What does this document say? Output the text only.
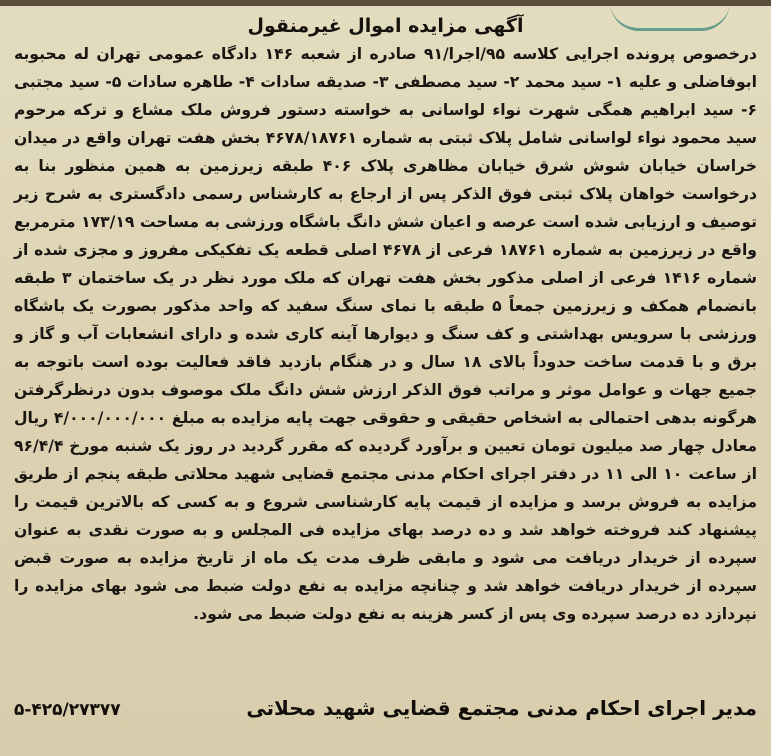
آگهی مزایده اموال غیرمنقول
درخصوص پرونده اجرایی کلاسه ۹۵/اجرا/۹۱ صادره از شعبه ۱۴۶ دادگاه عمومی تهران له محبوبه ابوفاضلی و علیه ۱- سید محمد ۲- سید مصطفی ۳- صدیقه سادات ۴- طاهره سادات ۵- سید مجتبی ۶- سید ابراهیم همگی شهرت نواء لواسانی به خواسته دستور فروش ملک مشاع و ترکه مرحوم سید محمود نواء لواسانی شامل پلاک ثبتی به شماره ۴۶۷۸/۱۸۷۶۱ بخش هفت تهران واقع در میدان خراسان خیابان شوش شرق خیابان مظاهری پلاک ۴۰۶ طبقه زیرزمین به همین منظور بنا به درخواست خواهان پلاک ثبتی فوق الذکر پس از ارجاع به کارشناس رسمی دادگستری به شرح زیر توصیف و ارزیابی شده است عرصه و اعیان شش دانگ باشگاه ورزشی به مساحت ۱۷۳/۱۹ مترمربع واقع در زیرزمین به شماره ۱۸۷۶۱ فرعی از ۴۶۷۸ اصلی قطعه یک تفکیکی مفروز و مجزی شده از شماره ۱۴۱۶ فرعی از اصلی مذکور بخش هفت تهران که ملک مورد نظر در یک ساختمان ۳ طبقه بانضمام همکف و زیرزمین جمعاً ۵ طبقه با نمای سنگ سفید که واحد مذکور بصورت یک باشگاه ورزشی با سرویس بهداشتی و کف سنگ و دیوارها آینه کاری شده و دارای انشعابات آب و گاز و برق و با قدمت ساخت حدوداً بالای ۱۸ سال و در هنگام بازدید فاقد فعالیت بوده است باتوجه به جمیع جهات و عوامل موثر و مراتب فوق الذکر ارزش شش دانگ ملک موصوف بدون درنظرگرفتن هرگونه بدهی احتمالی به اشخاص حقیقی و حقوقی جهت پایه مزایده به مبلغ ۴/۰۰۰/۰۰۰/۰۰۰ ریال معادل چهار صد میلیون تومان تعیین و برآورد گردیده که مقرر گردید در روز یک شنبه مورخ ۹۶/۴/۴ از ساعت ۱۰ الی ۱۱ در دفتر اجرای احکام مدنی مجتمع قضایی شهید محلاتی طبقه پنجم از طریق مزایده به فروش برسد و مزایده از قیمت پایه کارشناسی شروع و به کسی که بالاترین قیمت را پیشنهاد کند فروخته خواهد شد و ده درصد بهای مزایده فی المجلس و به صورت نقدی به عنوان سپرده از خریدار دریافت می شود و مابقی ظرف مدت یک ماه از تاریخ مزایده به صورت قبض سپرده از خریدار دریافت خواهد شد و چنانچه مزایده به نفع دولت ضبط می شود بهای مزایده را نپردازد ده درصد سپرده وی پس از کسر هزینه به نفع دولت ضبط می شود.
مدیر اجرای احکام مدنی مجتمع قضایی شهید محلاتی
۵-۴۲۵/۲۷۳۷۷
